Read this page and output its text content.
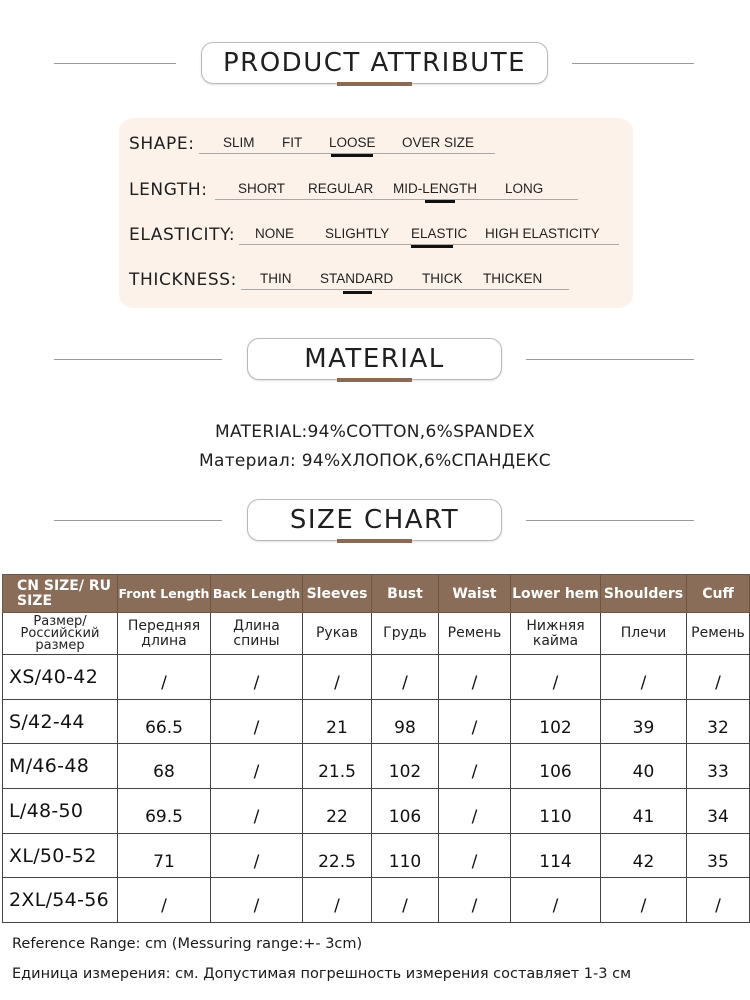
PRODUCT ATTRIBUTE
SHAPE: SLIM FIT LOOSE OVER SIZE
LENGTH: SHORT REGULAR MID-LENGTH LONG
ELASTICITY: NONE SLIGHTLY ELASTIC HIGH ELASTICITY
THICKNESS: THIN STANDARD THICK THICKEN
MATERIAL
MATERIAL:94%COTTON,6%SPANDEX
Материал: 94%ХЛОПОК,6%СПАНДЕКС
SIZE CHART
CN SIZE/ RU SIZE	Front Length	Back Length	Sleeves	Bust	Waist	Lower hem	Shoulders	Cuff
Размер/ Российский размер	Передняя длина	Длина спины	Рукав	Грудь	Ремень	Нижняя кайма	Плечи	Ремень
XS/40-42	/	/	/	/	/	/	/	/
S/42-44	66.5	/	21	98	/	102	39	32
M/46-48	68	/	21.5	102	/	106	40	33
L/48-50	69.5	/	22	106	/	110	41	34
XL/50-52	71	/	22.5	110	/	114	42	35
2XL/54-56	/	/	/	/	/	/	/	/
Reference Range: cm (Messuring range:+- 3cm)
Единица измерения: см. Допустимая погрешность измерения составляет 1-3 см
